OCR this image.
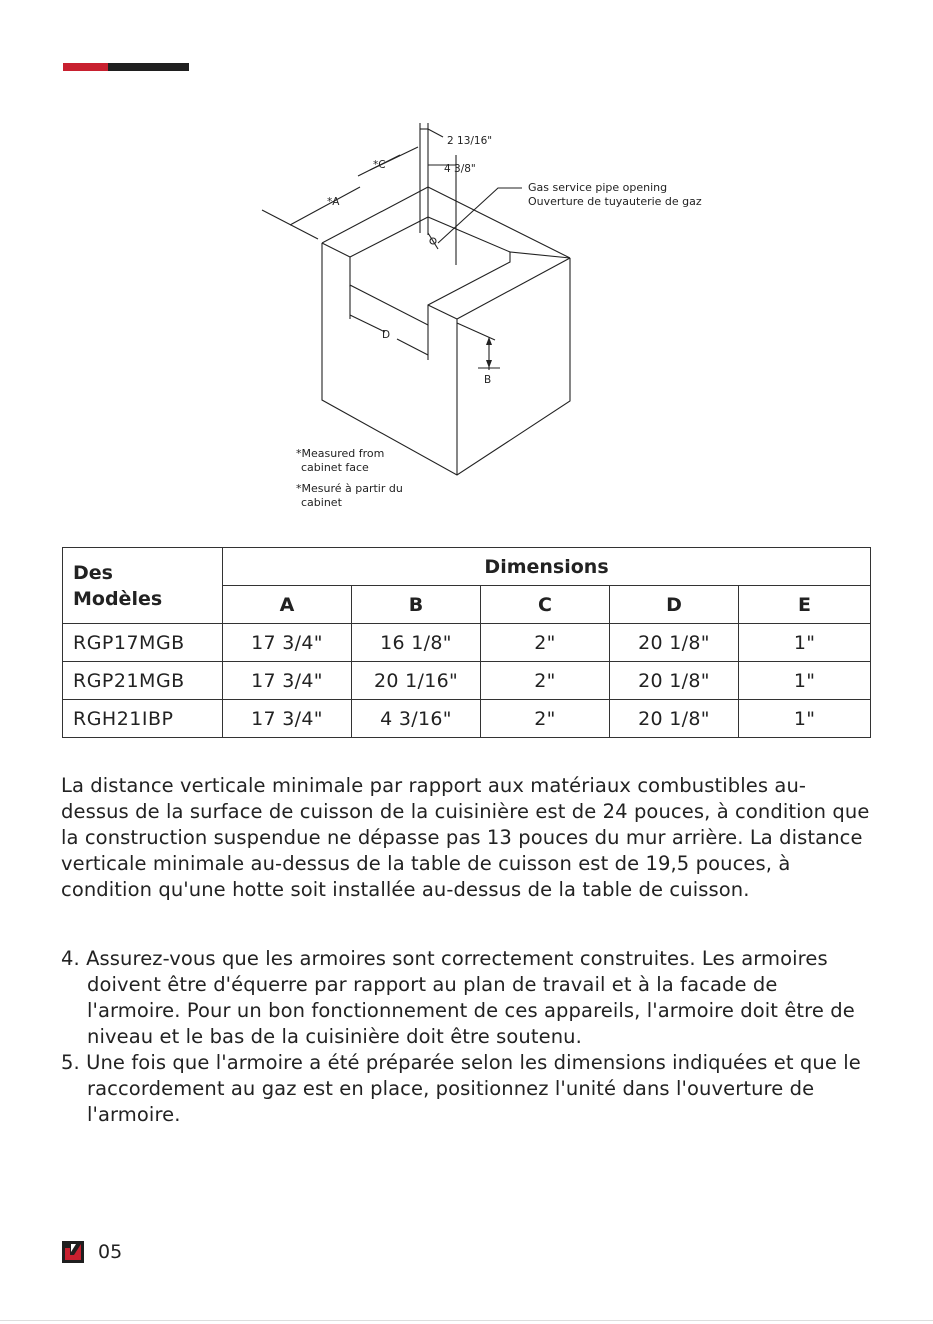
2 13/16"
4 3/8"
*C
*A
D
B
Gas service pipe opening
Ouverture de tuyauterie de gaz
*Measured from
cabinet face
*Mesuré à partir du
cabinet
Des
Modèles	Dimensions				
	A	B	C	D	E
RGP17MGB	17 3/4"	16 1/8"	2"	20 1/8"	1"
RGP21MGB	17 3/4"	20 1/16"	2"	20 1/8"	1"
RGH21IBP	17 3/4"	4 3/16"	2"	20 1/8"	1"

La distance verticale minimale par rapport aux matériaux combustibles au-dessus de la surface de cuisson de la cuisinière est de 24 pouces, à condition que la construction suspendue ne dépasse pas 13 pouces du mur arrière. La distance verticale minimale au-dessus de la table de cuisson est de 19,5 pouces, à condition qu'une hotte soit installée au-dessus de la table de cuisson.

4. Assurez-vous que les armoires sont correctement construites. Les armoires doivent être d'équerre par rapport au plan de travail et à la facade de l'armoire. Pour un bon fonctionnement de ces appareils, l'armoire doit être de niveau et le bas de la cuisinière doit être soutenu.
5. Une fois que l'armoire a été préparée selon les dimensions indiquées et que le raccordement au gaz est en place, positionnez l'unité dans l'ouverture de l'armoire.
05
